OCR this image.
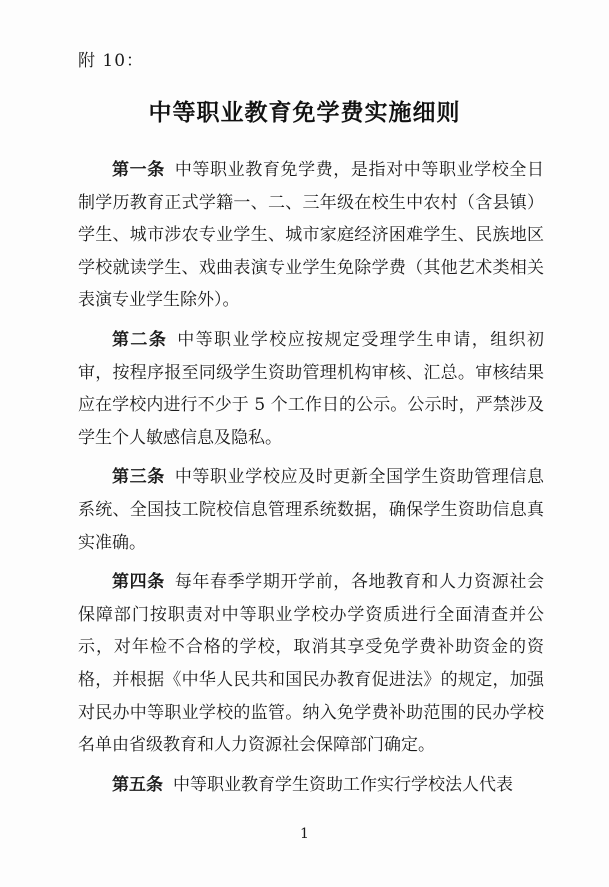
附 10：
中等职业教育免学费实施细则

第一条 中等职业教育免学费，是指对中等职业学校全日制学历教育正式学籍一、二、三年级在校生中农村（含县镇）学生、城市涉农专业学生、城市家庭经济困难学生、民族地区学校就读学生、戏曲表演专业学生免除学费（其他艺术类相关表演专业学生除外）。

第二条 中等职业学校应按规定受理学生申请，组织初审，按程序报至同级学生资助管理机构审核、汇总。审核结果应在学校内进行不少于 5 个工作日的公示。公示时，严禁涉及学生个人敏感信息及隐私。

第三条 中等职业学校应及时更新全国学生资助管理信息系统、全国技工院校信息管理系统数据，确保学生资助信息真实准确。

第四条 每年春季学期开学前，各地教育和人力资源社会保障部门按职责对中等职业学校办学资质进行全面清查并公示，对年检不合格的学校，取消其享受免学费补助资金的资格，并根据《中华人民共和国民办教育促进法》的规定，加强对民办中等职业学校的监管。纳入免学费补助范围的民办学校名单由省级教育和人力资源社会保障部门确定。

第五条 中等职业教育学生资助工作实行学校法人代表

1
